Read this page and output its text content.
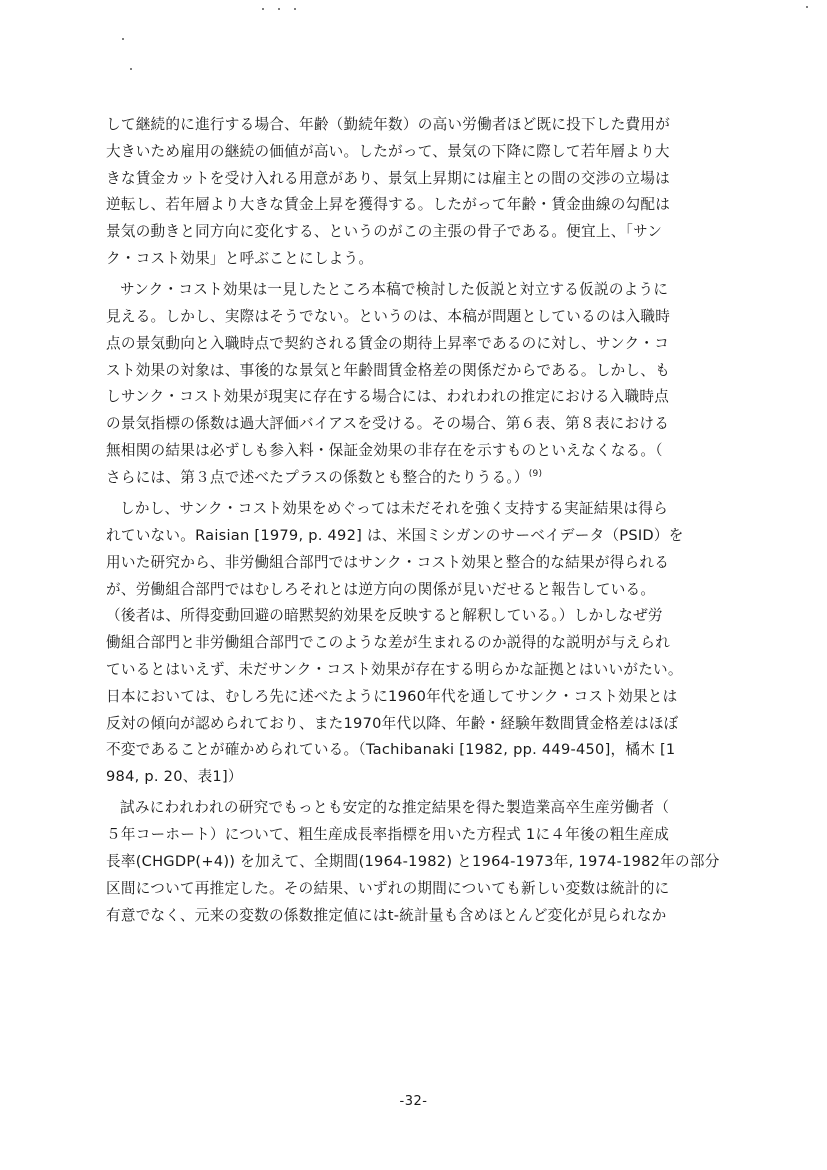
して継続的に進行する場合、年齢（勤続年数）の高い労働者ほど既に投下した費用が
大きいため雇用の継続の価値が高い。したがって、景気の下降に際して若年層より大
きな賃金カットを受け入れる用意があり、景気上昇期には雇主との間の交渉の立場は
逆転し、若年層より大きな賃金上昇を獲得する。したがって年齢・賃金曲線の勾配は
景気の動きと同方向に変化する、というのがこの主張の骨子である。便宜上、「サン
ク・コスト効果」と呼ぶことにしよう。
サンク・コスト効果は一見したところ本稿で検討した仮説と対立する仮説のように
見える。しかし、実際はそうでない。というのは、本稿が問題としているのは入職時
点の景気動向と入職時点で契約される賃金の期待上昇率であるのに対し、サンク・コ
スト効果の対象は、事後的な景気と年齢間賃金格差の関係だからである。しかし、も
しサンク・コスト効果が現実に存在する場合には、われわれの推定における入職時点
の景気指標の係数は過大評価バイアスを受ける。その場合、第６表、第８表における
無相関の結果は必ずしも参入料・保証金効果の非存在を示すものといえなくなる。（
さらには、第３点で述べたプラスの係数とも整合的たりうる。）$^{(9)}$
しかし、サンク・コスト効果をめぐっては未だそれを強く支持する実証結果は得ら
れていない。Raisian [1979, p. 492] は、米国ミシガンのサーベイデータ（PSID）を
用いた研究から、非労働組合部門ではサンク・コスト効果と整合的な結果が得られる
が、労働組合部門ではむしろそれとは逆方向の関係が見いだせると報告している。
（後者は、所得変動回避の暗黙契約効果を反映すると解釈している。）しかしなぜ労
働組合部門と非労働組合部門でこのような差が生まれるのか説得的な説明が与えられ
ているとはいえず、未だサンク・コスト効果が存在する明らかな証拠とはいいがたい。
日本においては、むしろ先に述べたように1960年代を通してサンク・コスト効果とは
反対の傾向が認められており、また1970年代以降、年齢・経験年数間賃金格差はほぼ
不変であることが確かめられている。（Tachibanaki [1982, pp. 449-450]，橘木 [1
984, p. 20、表1]）
試みにわれわれの研究でもっとも安定的な推定結果を得た製造業高卒生産労働者（
５年コーホート）について、粗生産成長率指標を用いた方程式 1に４年後の粗生産成
長率(CHGDP(+4)) を加えて、全期間(1964-1982) と1964-1973年, 1974-1982年の部分
区間について再推定した。その結果、いずれの期間についても新しい変数は統計的に
有意でなく、元来の変数の係数推定値にはt-統計量も含めほとんど変化が見られなか
-32-
